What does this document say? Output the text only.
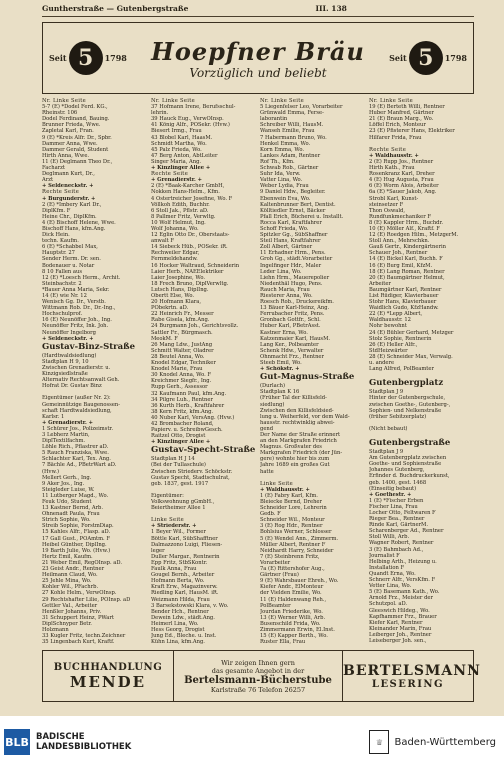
Guntherstraße — Gutenbergstraße	III. 138
Seit 5	1798 Hoepfner Bräu
Vorzüglich und beliebt
Seit 5	1798
Nr. Linke Seite
5-7 (E) *Dodel Ferd. KG.,
Rheinstr. 106
Dodel Ferdinand, Bauing.
Brunner Frieda, Wwe.
Zapletal Karl, Fran.
9 (E) *Kreis Alfr. Dr., Spbr.
Dammer Anna, Wwe.
Dammer Gerald, Student
Hirth Anna, Wwe.
11 (E) Deglmann Theo Dr.,
Facharzt
Deglmann Kurt, Dr.,
Arzt
+ Seldeneckstr. +
Rechte Seite
+ Burgunderstr. +
2 (E) *Imbery Karl Dr.,
DiplKfm. F
Heine Chr., DiplKfm.
4 (E) Bischoff Helene, Wwe.
Bischoff Hans, kfm.Ang.
Dick Hein.
techn. Kaufm.
6 (E) *Schabbel Max,
Hauptstr. 27
Sender Herm. Dr. sen.
Bodenauer u. Notar
8 10 Fallen aus
12 (E) *Loesch Herm., Archit.
Steinbachstr. 2
*Bauer Anna Maria, Sekr.
14 (E) wie Nr. 12
Wenisch Gg. Dr., Verstb.
Wittmann Rob. Dr., Dr.-Ing.,
Hochschulprof.
16 (E) Neunöffer Joh., Ing.
Neunöffer Fritz, Ink. Joh.
Neunöffer Ingelborg
+ Seldeneckstr. +
Gustav-Binz-Straße
(Hardtwaldsiedlung)
Stadtplan H 9, 10
Zwischen Grenadierstr. u.
Kinzigsiedlstraße
Alternativ Rechtsanwalt Geh.
Hofrat Dr. Gustav Binz

Eigentümer (außer Nr. 2):
Gemeinnützige Baugenossen-
schaft Hardtwaldsiedlung,
Karlsr. 1
+ Grenadierstr. +
1 Schürer Jos., Polizeimstr.
3 Lebherz Martin,
DiplTextilfachm.
Löhle Rich., Pflastrer aD.
5 Rauch Franziska, Wwe.
Schlachter Karl, Tex. Ang.
7 Bächle Ad., PBetrWart aD.
(Hvw.)
Mellert Gerh., Ing.
9 Aker Jos., Ing.
Steigleder Luise, W.
11 Lutberger Magd., Wo.
Feuk Udo, Student
13 Kastner Bernd, Arb.
Ohnenadt Paula, Frau
Strich Sophie, Wo.
Streib Sophie, ForstmDiap.
15 Kahles Alfr., Flasp. aD.
17 Gall Gust., POAmtm. F
Heibel Günther, DiplIng.
19 Barth Julie, Wo. (Hvw.)
Hertz Emil, Kaufm.
21 Weber Emil, RegOInsp. aD.
23 Geist Andr., Rentner
Heilmann Claud, Wo.
25 Jehle Mina, Wo.
Kohler Wil., PFachrb.
27 Kohle Helm., VerwOInsp.
29 Rechtshafter Lilie, POInsp. aD
Gettler Val., Arbeiter
Henßler Johanns, Priv.
31 Schuppert Heinz, PWart
DiplSchnyper Betr.
Holzmann
33 Kugler Fritz, techn.Zeichner
35 Lingenbach Kurt, Kraftf.
Nr. Linke Seite
37 Hofmann Irene, Berufsschul-
lehrin.
39 Hauck Eug., VerwOInsp.
41 König Alfr., POSekr. (Hvw.)
Biesert Irmg., Frau
43 Blobel Karl, HaasM.
Schmidt Martha, Wo.
45 Palz Frieda, Wo.
47 Berg Anton, AbtLeiter
Singer Maria, Ang.
+ Kinzlinger Allee +
Rechte Seite
+ Grenadierstr. +
2 (E) *Baak-Karcher GmbH,
Nokken Hans-Helm., Kfm.
4 Ostertreicher Josefine, Wo. F
Völlkoh Edith, Buchhr.
6 Stoll Jak., Pflstr. aD.
8 Pallmer Fritz, Verwltg.
10 Wolf Helmut, Ing.
Wolf Johanna, Wo.
12 Eglin Otto Dr., Oberstaats-
anwalt F
14 Siebeck Hüb., POSekr. iR.
Rechweiler Edgar,
Fernmeldehandw.
16 Hocker Waltraud, Schneiderin
Laier Herb., NAEElektriker
Laier Josephine, Wo.
18 Frech Bruno, DiplVerwltg.
Lutsch Hans, DiplIng.
Obertt Else, Wo.
20 Hofmann Klara,
PObekrtn. aD.
22 Heinrich Fr., Messer
Rabe Gisela, kfm.Ang.
24 Burgmann Joh., Gerichtsvollz.
Sattler Fr., Bürgmasch.
MeokM. F
26 Mang Ldw., JustAng
Schmitt Walter, Oladrer
28 Beutel Anna, Wo.
Knodel Edgar, Techniker
Knodel Marie, Frau
30 Knodel Anna, Wo. F
Kreichmer Siegfr., Ing.
Rupp Gerh., Assessor
32 Kaufmann Paul, kfm.Ang.
34 Pilgre Luh., Rentner
36 Kurth Herb., Kraftfahrer
38 Kern Fritz, kfm.Ang.
40 Nuber Karl, VersAng. (Hvw.)
42 Brombacher Roland,
Papierv. u. SchreibwGesch.
Raitzel Otto, Drogist
+ Kinzlinger Allee +
Gustav-Specht-Straße
Stadtplan H J 14
(Bei der Tullaschule)
Zwischen Striederv. Schöckstr.
Gustav Specht, Stadtschulrat,
geb. 1837, gest. 1917

Eigentümer:
Volkswohnung gGmbH.,
Beiertheimer Allee 1

Linke Seite
+ Striederstr. +
1 Beyer Wil., Former
Böttle Karl, SübShafftner
Dalmazzono Luigi, Fliesen-
leger
Duller Margar., Rentnerin
Epp Fritz, StbSKontr.
Faulk Anna, Frau
Gougel Bernh., Arbeiter
Hofmann Berta, Wo.
Kraft Erw., Magazinverw.
Riedling Karl, HausM. iR.
Weizmann Hilda, Frau
3 Barsekstowski Klara, v. Wo.
Bender Hch., Rentner
Dewein Ldw., städt.Ang.
Heimerl Lina, Wo.
Hess Georg, Drogist
Jung Ed., Bleche. u. Inst.
Kühn Lina, kfm.Ang.
Nr. Linke Seite
5 Liegenfelser Leo, Vorarbeiter
Grünwald Emma, Ferse-
laborantin
Schreiber Willi, HausM.
Wanseh Emilie, Frau
7 Habermann Bruno, Wo.
Henkel Emma, Wo.
Korn Emma, Wo.
Lankes Adam, Rentner
Rof Th., Kfm.
Schwab Rob., Gärtner
Suhr Ida, Verw.
Vatter Lina, Wo.
Weber Lydia, Frau
9 Daniel Hdw., Begleiter.
Ebenwein Eva, Wo.
Kaltenbrunner Bert, Dentist.
Kölltiedler Ernst, Bäcker
Pfall Erich, Bücherei u. Installt.
Rocca Karl, Kraftfahrer
Schoff Frieda, Wo.
Spitzler Gg., SübShaffner
Steil Hans, Kraftfahrer
Zoll Albert, Gärtner
11 Erhadner Hrm., Pens.
Groh Gg., städt.Vorarbeiter
Ingelfinger Hdr., Maler
Leder Lina, Wo.
Liehn Hrm., Mauerepolier
Niedenthäl Hugo, Pens.
Rauch Maria, Frau
Riesterer Anna, Wo.
Roesch Rob., Druckereikfm.
13 Bäuer Karl-Heinz, Ang.
Ferrubacher Fritz, Pens.
Gronbach Gottfr., Schl.
Huber Karl, PBetrAsst.
Kastner Erna, Wo.
Katzenmaier Karl, HausM.
Lang Ker., Polbeamter
Schenk Hdw., Verwalter
Ohnmacht Frz., Rentner
Steeb Emil, Wo.
+ Schökstr. +
Gut-Magnus-Straße
(Durlach)
Stadtplan K 16
(Früher Tal der Killisfeld-
siedlung)
Zwischen den Killisfeldsied-
lung u. Weiherfeld, vor dem Wald-
hausstr. rechtwinklig abwei-
gend
Der Name der Straße erinnert
an den Markgrafen Friedrich
Magnus. Großvater des
Markgrafen Friedrich (der Jün-
gere) wohnte hier bis zum
Jahre 1689 ein großes Gut
hatte

Linke Seite
+ Waldhausstr. +
1 (E) Fabry Karl, Kfm.
Bleiecke Bernd, Dreher
Schneider Lore, Lehrerin
Gedb. F
Schneider Wil., Monteur
3 (E) Rog Hdr., Rentner
Bohlsius Werner, Schlosser
5 (E) Wendel Ann., Zimmerm.
Müller Albert, Rentner F
Neidhardt Harry, Schneider
7 (E) Steinbrenn Fritz,
Vorarbeiter
7a (E) Rittershofer Aug.,
Gärtner (Frau)
9 (E) Wahrsbauer Ehreh., Wo.
Kiefer Andr., ElMonteur
der Vielden Emilie, Wo.
11 (E) Haldenwang Reh.,
PolBeamter
Jourdan Friederike, Wo.
13 (E) Werner Willi, Arb.
Busenschild Frida, Wo.
Zimmermann Erwin, El.Inst.
15 (E) Kapper Berth., Wo.
Ruster Ella, Frau
Nr. Linke Seite
19 (E) Berteth Willi, Rentner
Huber Manfred, Gärtner
21 (E) Braun Marg., Wo.
Löffel Erich, Monteur
23 (E) Pfisterer Hans, Elektriker
Hilfarer Frida, Frau

Rechte Seite
+ Waldhausstr. +
2 (E) Rupp Jos., Rentner
Hirth Kath., Frau
Rosenkranz Karl, Dreher
4 (E) Hug Augusta, Frau
6 (E) Worm Alois, Arbeiter
6a (E) *Sauer Jakob, Ang.
Strobl Karl, Kunst-
steinsetzer F
Thon Oswald,
Rundfunkmechaniker F
8 (E) Kappler Hrm., Buchdr.
10 (E) Möller Alf., Kraftf. F
12 (E) Roedgen Hilm., MetzgerM.
Stoll Ann., Mehrschkn.
Gauß Gertr., Kindergärtnerin
Schauer Joh., Rentner
14 (E) Bickel Karl, Buchh. F
16 (E) Burg Emil, KfzM.
18 (E) Lang Roman, Rentner
20 (E) Baumgärtner Helmut,
Arbeiter
Baumgärtner Karl, Rentner
List Rüdiger, Klavierbauer
Stohr Hans, Klavierbauer
Waidlich Gudo, KfzHandw.
22 (E) *Lepp Albert,
Waldhausstr. 12
Nohr bewohnt
24 (E) Bühler Gerhard, Metzger
Stolz Sophie, Rentnerin
26 (E) Heller Alfr.,
StdHeizwärter
28 (E) Schneider Max, Verwalg.
u. andere
Lang Alfred, PolBeamter

Gutenbergplatz
Stadtplan J 9
Hinter der Gutenbergschule,
zwischen Goethe-, Gutenberg-,
Sophien- und Nelkenstraße
(früher Sebitzerplatz)

(Nicht bebaut)

Gutenbergstraße
Stadtplan J 9
Am Gutenbergplatz zwischen
Goethe- und Sophienstraße
Johannes Gutenberg,
Erfinder d. Buchdruckerkunst,
geb. 1400, gest. 1468
(Einseitig bebaut)
+ Goethestr. +
1 (E) *Fischer Erben
Fischer Lina, Frau
Locher Otto, Feltwaren F
Rieger Bea., Rentner
Rinde Karl, GärtnerM.
Scharenberger Ad., Rentner
Stoll Willi, Arb.
Wagner Robert, Rentner
3 (E) Bahmbach Ad.,
Journalist F
Helbing Arth., Heizung u.
Installation F
Quandt Erna, Wo.
Schnerr Alfr., VersKfm. F
Vetter Lina, Wo.
5 (E) Basemann Kath., Wo.
Arnold Frz., Meister der
Schutzpol. aD.
Gleeswich Hildeg., Wo.
Kapfhammer Frz., Brauer
Kiefer Karl, Rentner
Kleinander Marin, Frau
Leiberger Joh., Rentner
Leiseberger Joh. sen.,
BUCHHANDLUNG
MENDE
Wir zeigen Ihnen gern
das gesamte Angebot in der
Bertelsmann-Bücherstube
Karlstraße 76 Telefon 26257
BERTELSMANN
LESERING
BLB BADISCHE
LANDESBIBLIOTHEK	♕	Baden-Württemberg
